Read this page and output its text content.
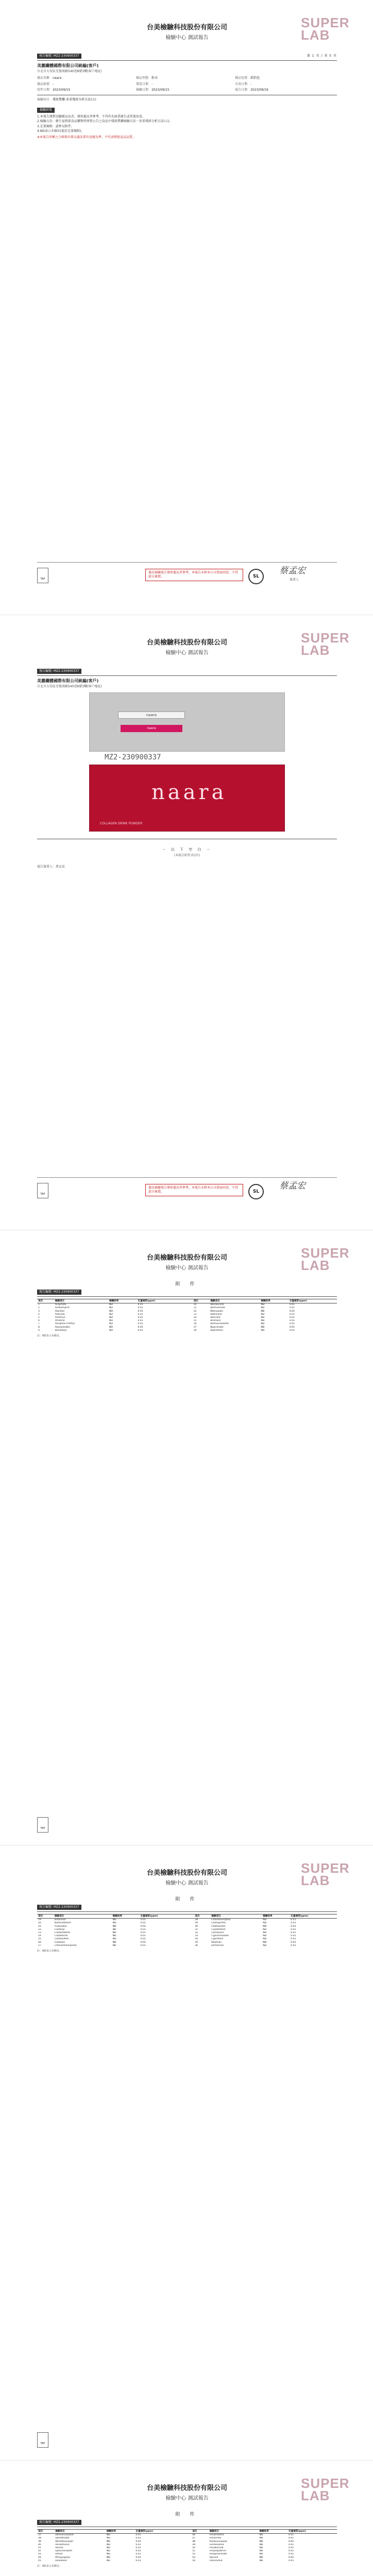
台美檢驗科技股份有限公司
檢驗中心 測試報告
SUPER
LAB
報告編號: MZ2-230900337	第 1 頁 / 共 5 頁
美麗纖體國際有限公司統編(客戶)
台北市大安區光復南路540巷8號3樓(客戶地址)
樣品名稱 naara	樣品型態 粉末	樣品包裝 鋁箔包
樣品批號 -	製造日期 -	有效日期 -
收件日期 2023/09/15	檢驗日期 2023/09/15	報告日期 2023/09/19
檢驗項目 殘留農藥-多重殘留分析方法(五)
檢驗結果

1.本報告僅對送驗樣品負責，僅供委託者參考，不得作為商業廣告或其他用途。

2.檢驗方法：衛生福利部食品藥物管理署公告之食品中殘留農藥檢驗方法－多重殘留分析方法(五)。

3.定量極限：請參見附件。

4.ND表示未檢出(低於定量極限)。

※本報告所稱之合格與否係以委託單位送樣為準，不代表整批產品品質。
TAF
委託檢驗報告僅供委託者參考，本報告未經本公司書面同意，不得部分複製。	SL
蔡孟宏
簽署人
台美檢驗科技股份有限公司
檢驗中心 測試報告
SUPER
LAB
報告編號: MZ2-230900337
美麗纖體國際有限公司統編(客戶)
台北市大安區光復南路540巷8號3樓(客戶地址)
naara
naara
MZ2-230900337
naara
COLLAGEN DRINK POWDER
－ 以 下 空 白 －
(本報告附件共3頁)
報告簽署人：蔡孟宏
TAF
委託檢驗報告僅供委託者參考，本報告未經本公司書面同意，不得部分複製。	SL
蔡孟宏
台美檢驗科技股份有限公司
檢驗中心 測試報告
SUPER
LAB
附 件
報告編號: MZ2-230900337
項次	檢驗項目	檢驗結果	定量極限(ppm)		項次	檢驗項目	檢驗結果	定量極限(ppm)
1	Acephate	ND	0.01		10	Bendiocarb	ND	0.01
2	Acetamiprid	ND	0.01		11	Benfuracarb	ND	0.01
3	Alachlor	ND	0.01		12	Bifenazate	ND	0.01
4	Aldicarb	ND	0.01		13	Bitertanol	ND	0.01
5	Ametryn	ND	0.01		14	Boscalid	ND	0.01
6	Atrazine	ND	0.01		15	Bromacil	ND	0.01
7	Azinphos-methyl	ND	0.01		16	Bromuconazole	ND	0.01
8	Azoxystrobin	ND	0.01		17	Bupirimate	ND	0.01
9	Benalaxyl	ND	0.01		18	Buprofezin	ND	0.01
註：ND表示未檢出。
TAF
台美檢驗科技股份有限公司
檢驗中心 測試報告
SUPER
LAB
附 件
報告編號: MZ2-230900337
項次	檢驗項目	檢驗結果	定量極限(ppm)		項次	檢驗項目	檢驗結果	定量極限(ppm)
19	Butachlor	ND	0.01		28	Chlorfenvinphos	ND	0.01
20	Butocarboxim	ND	0.01		29	Chlorpyrifos	ND	0.01
21	Cadusafos	ND	0.01		30	Clothianidin	ND	0.01
22	Carbaryl	ND	0.01		31	Cyazofamid	ND	0.01
23	Carbendazim	ND	0.01		32	Cymoxanil	ND	0.01
24	Carbofuran	ND	0.01		33	Cyproconazole	ND	0.01
25	Carbosulfan	ND	0.01		34	Cyprodinil	ND	0.01
26	Carboxin	ND	0.01		35	Diazinon	ND	0.01
27	Chlorantraniliprole	ND	0.01		36	Dichlorvos	ND	0.01
註：ND表示未檢出。
TAF
台美檢驗科技股份有限公司
檢驗中心 測試報告
SUPER
LAB
附 件
報告編號: MZ2-230900337
項次	檢驗項目	檢驗結果	定量極限(ppm)		項次	檢驗項目	檢驗結果	定量極限(ppm)
37	Difenoconazole	ND	0.01		46	Fenamidone	ND	0.01
38	Dimethoate	ND	0.01		47	Fenarimol	ND	0.01
39	Dimethomorph	ND	0.01		48	Fenbuconazole	ND	0.01
40	Dinotefuran	ND	0.01		49	Fenhexamid	ND	0.01
41	Diuron	ND	0.01		50	Fenobucarb	ND	0.01
42	Epoxiconazole	ND	0.01		51	Fenpropathrin	ND	0.01
43	Ethion	ND	0.01		52	Fenpyroximate	ND	0.01
44	Ethoprophos	ND	0.01		53	Fipronil	ND	0.01
45	Etoxazole	ND	0.01		54	Flonicamid	ND	0.01
註：ND表示未檢出。
